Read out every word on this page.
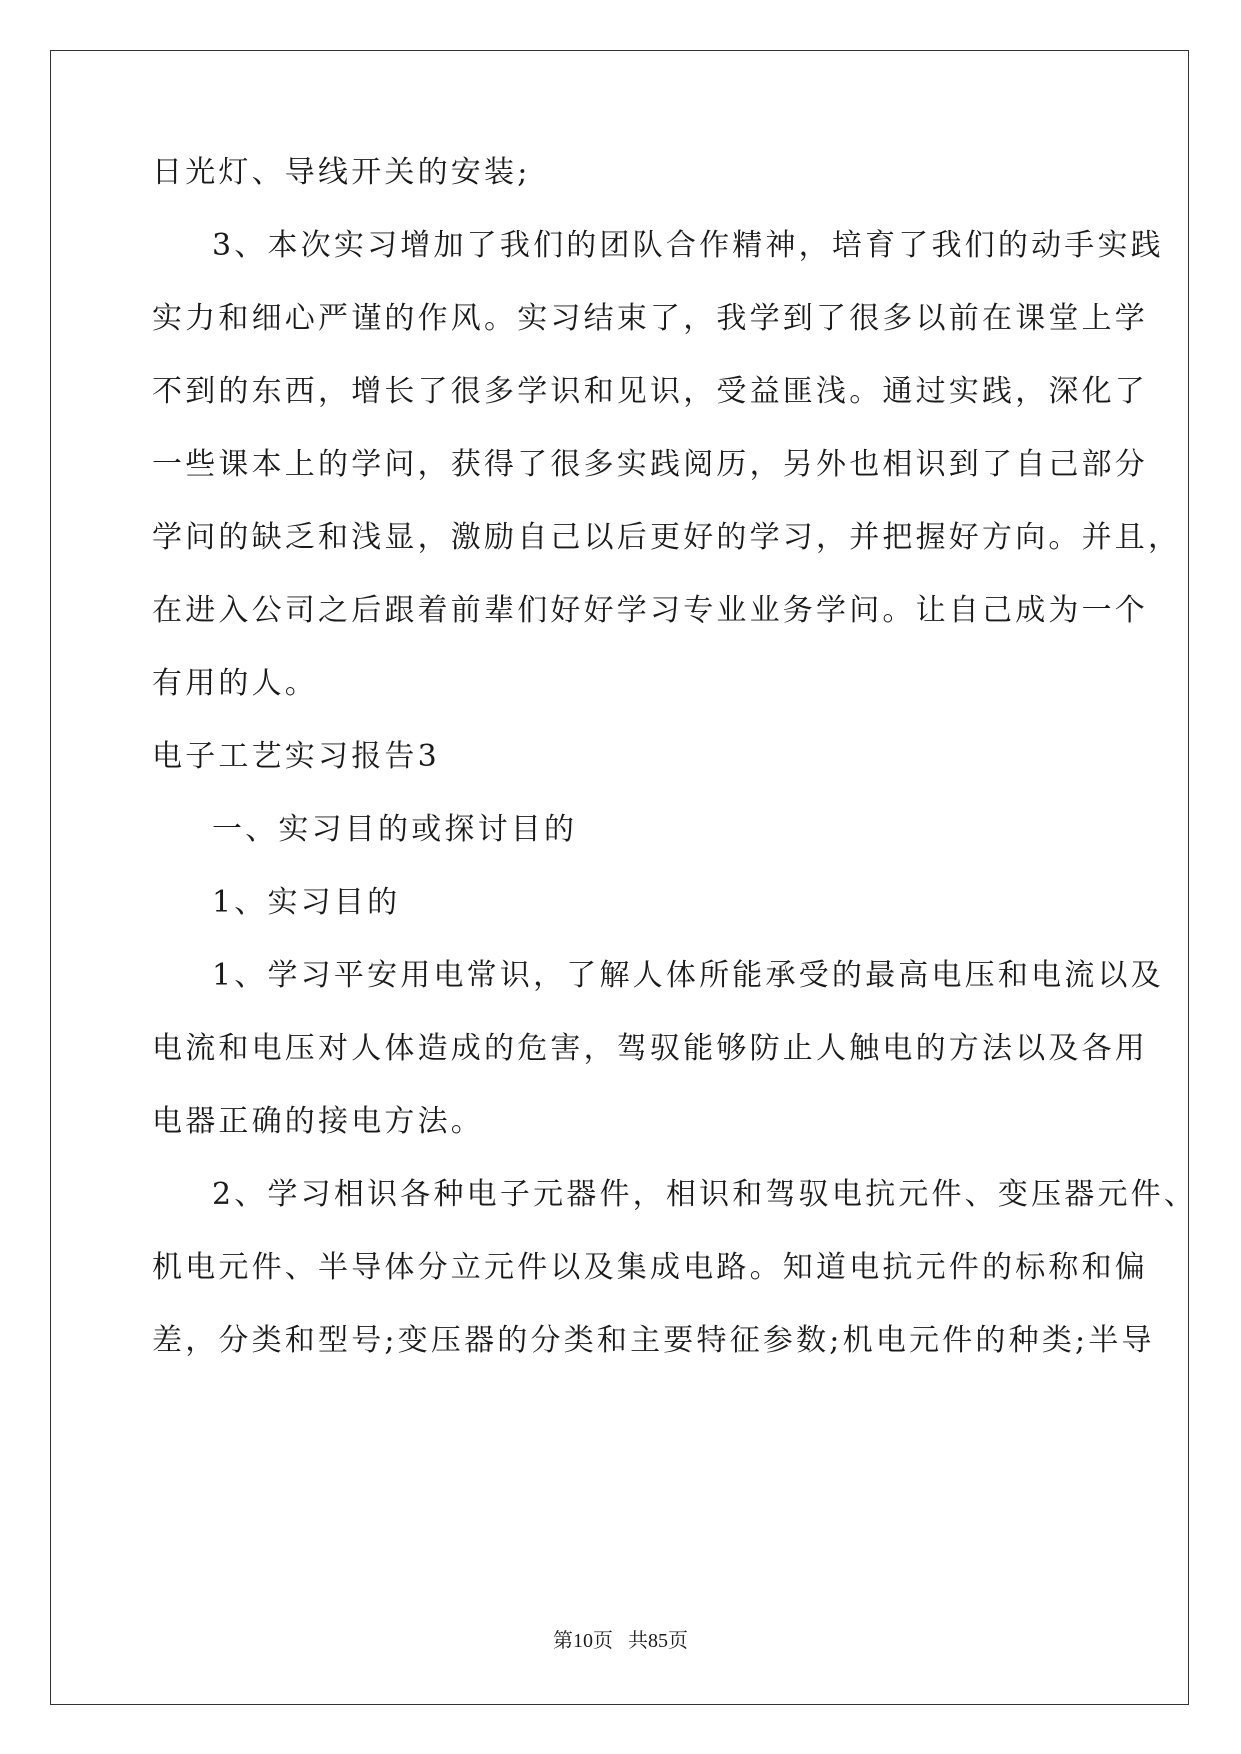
日光灯、导线开关的安装;
3、本次实习增加了我们的团队合作精神，培育了我们的动手实践
实力和细心严谨的作风。实习结束了，我学到了很多以前在课堂上学
不到的东西，增长了很多学识和见识，受益匪浅。通过实践，深化了
一些课本上的学问，获得了很多实践阅历，另外也相识到了自己部分
学问的缺乏和浅显，激励自己以后更好的学习，并把握好方向。并且，
在进入公司之后跟着前辈们好好学习专业业务学问。让自己成为一个
有用的人。
电子工艺实习报告3
一、实习目的或探讨目的
1、实习目的
1、学习平安用电常识，了解人体所能承受的最高电压和电流以及
电流和电压对人体造成的危害，驾驭能够防止人触电的方法以及各用
电器正确的接电方法。
2、学习相识各种电子元器件，相识和驾驭电抗元件、变压器元件、
机电元件、半导体分立元件以及集成电路。知道电抗元件的标称和偏
差，分类和型号;变压器的分类和主要特征参数;机电元件的种类;半导
第10页   共85页
